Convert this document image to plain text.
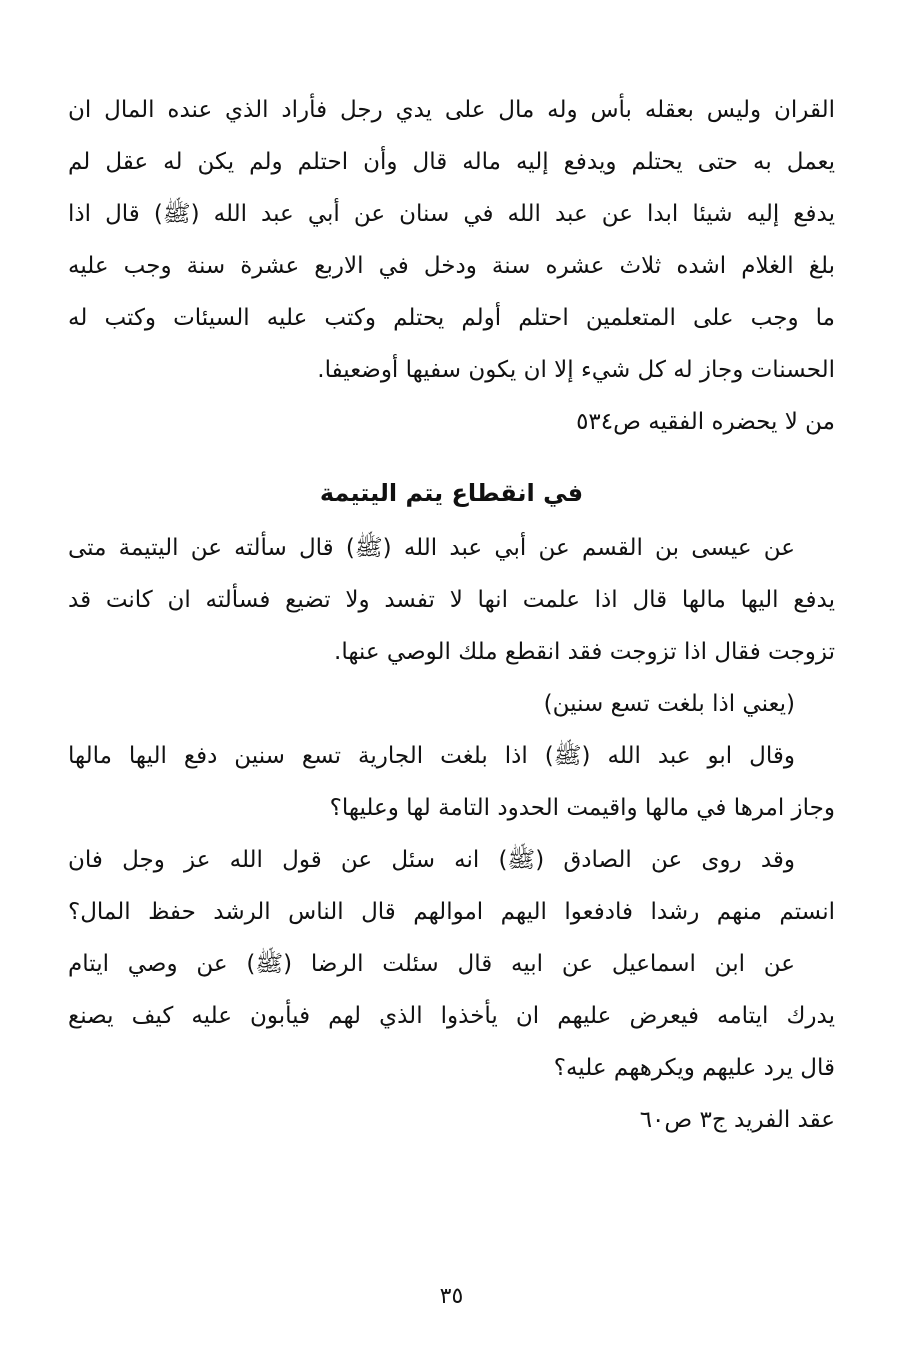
القران وليس بعقله بأس وله مال على يدي رجل فأراد الذي عنده المال ان
يعمل به حتى يحتلم ويدفع إليه ماله قال وأن احتلم ولم يكن له عقل لم
يدفع إليه شيئا ابدا عن عبد الله في سنان عن أبي عبد الله (ﷺ) قال اذا
بلغ الغلام اشده ثلاث عشره سنة ودخل في الاربع عشرة سنة وجب عليه
ما وجب على المتعلمين احتلم أولم يحتلم وكتب عليه السيئات وكتب له
الحسنات وجاز له كل شيء إلا ان يكون سفيها أوضعيفا.
من لا يحضره الفقيه ص٥٣٤
في انقطاع يتم اليتيمة
عن عيسى بن القسم عن أبي عبد الله (ﷺ) قال سألته عن اليتيمة متى
يدفع اليها مالها قال اذا علمت انها لا تفسد ولا تضيع فسألته ان كانت قد
تزوجت فقال اذا تزوجت فقد انقطع ملك الوصي عنها.
(يعني اذا بلغت تسع سنين)
وقال ابو عبد الله (ﷺ) اذا بلغت الجارية تسع سنين دفع اليها مالها
وجاز امرها في مالها واقيمت الحدود التامة لها وعليها؟
وقد روى عن الصادق (ﷺ) انه سئل عن قول الله عز وجل فان
انستم منهم رشدا فادفعوا اليهم اموالهم قال الناس الرشد حفظ المال؟
عن ابن اسماعيل عن ابيه قال سئلت الرضا (ﷺ) عن وصي ايتام
يدرك ايتامه فيعرض عليهم ان يأخذوا الذي لهم فيأبون عليه كيف يصنع
قال يرد عليهم ويكرههم عليه؟
عقد الفريد ج٣ ص٦٠
٣٥
